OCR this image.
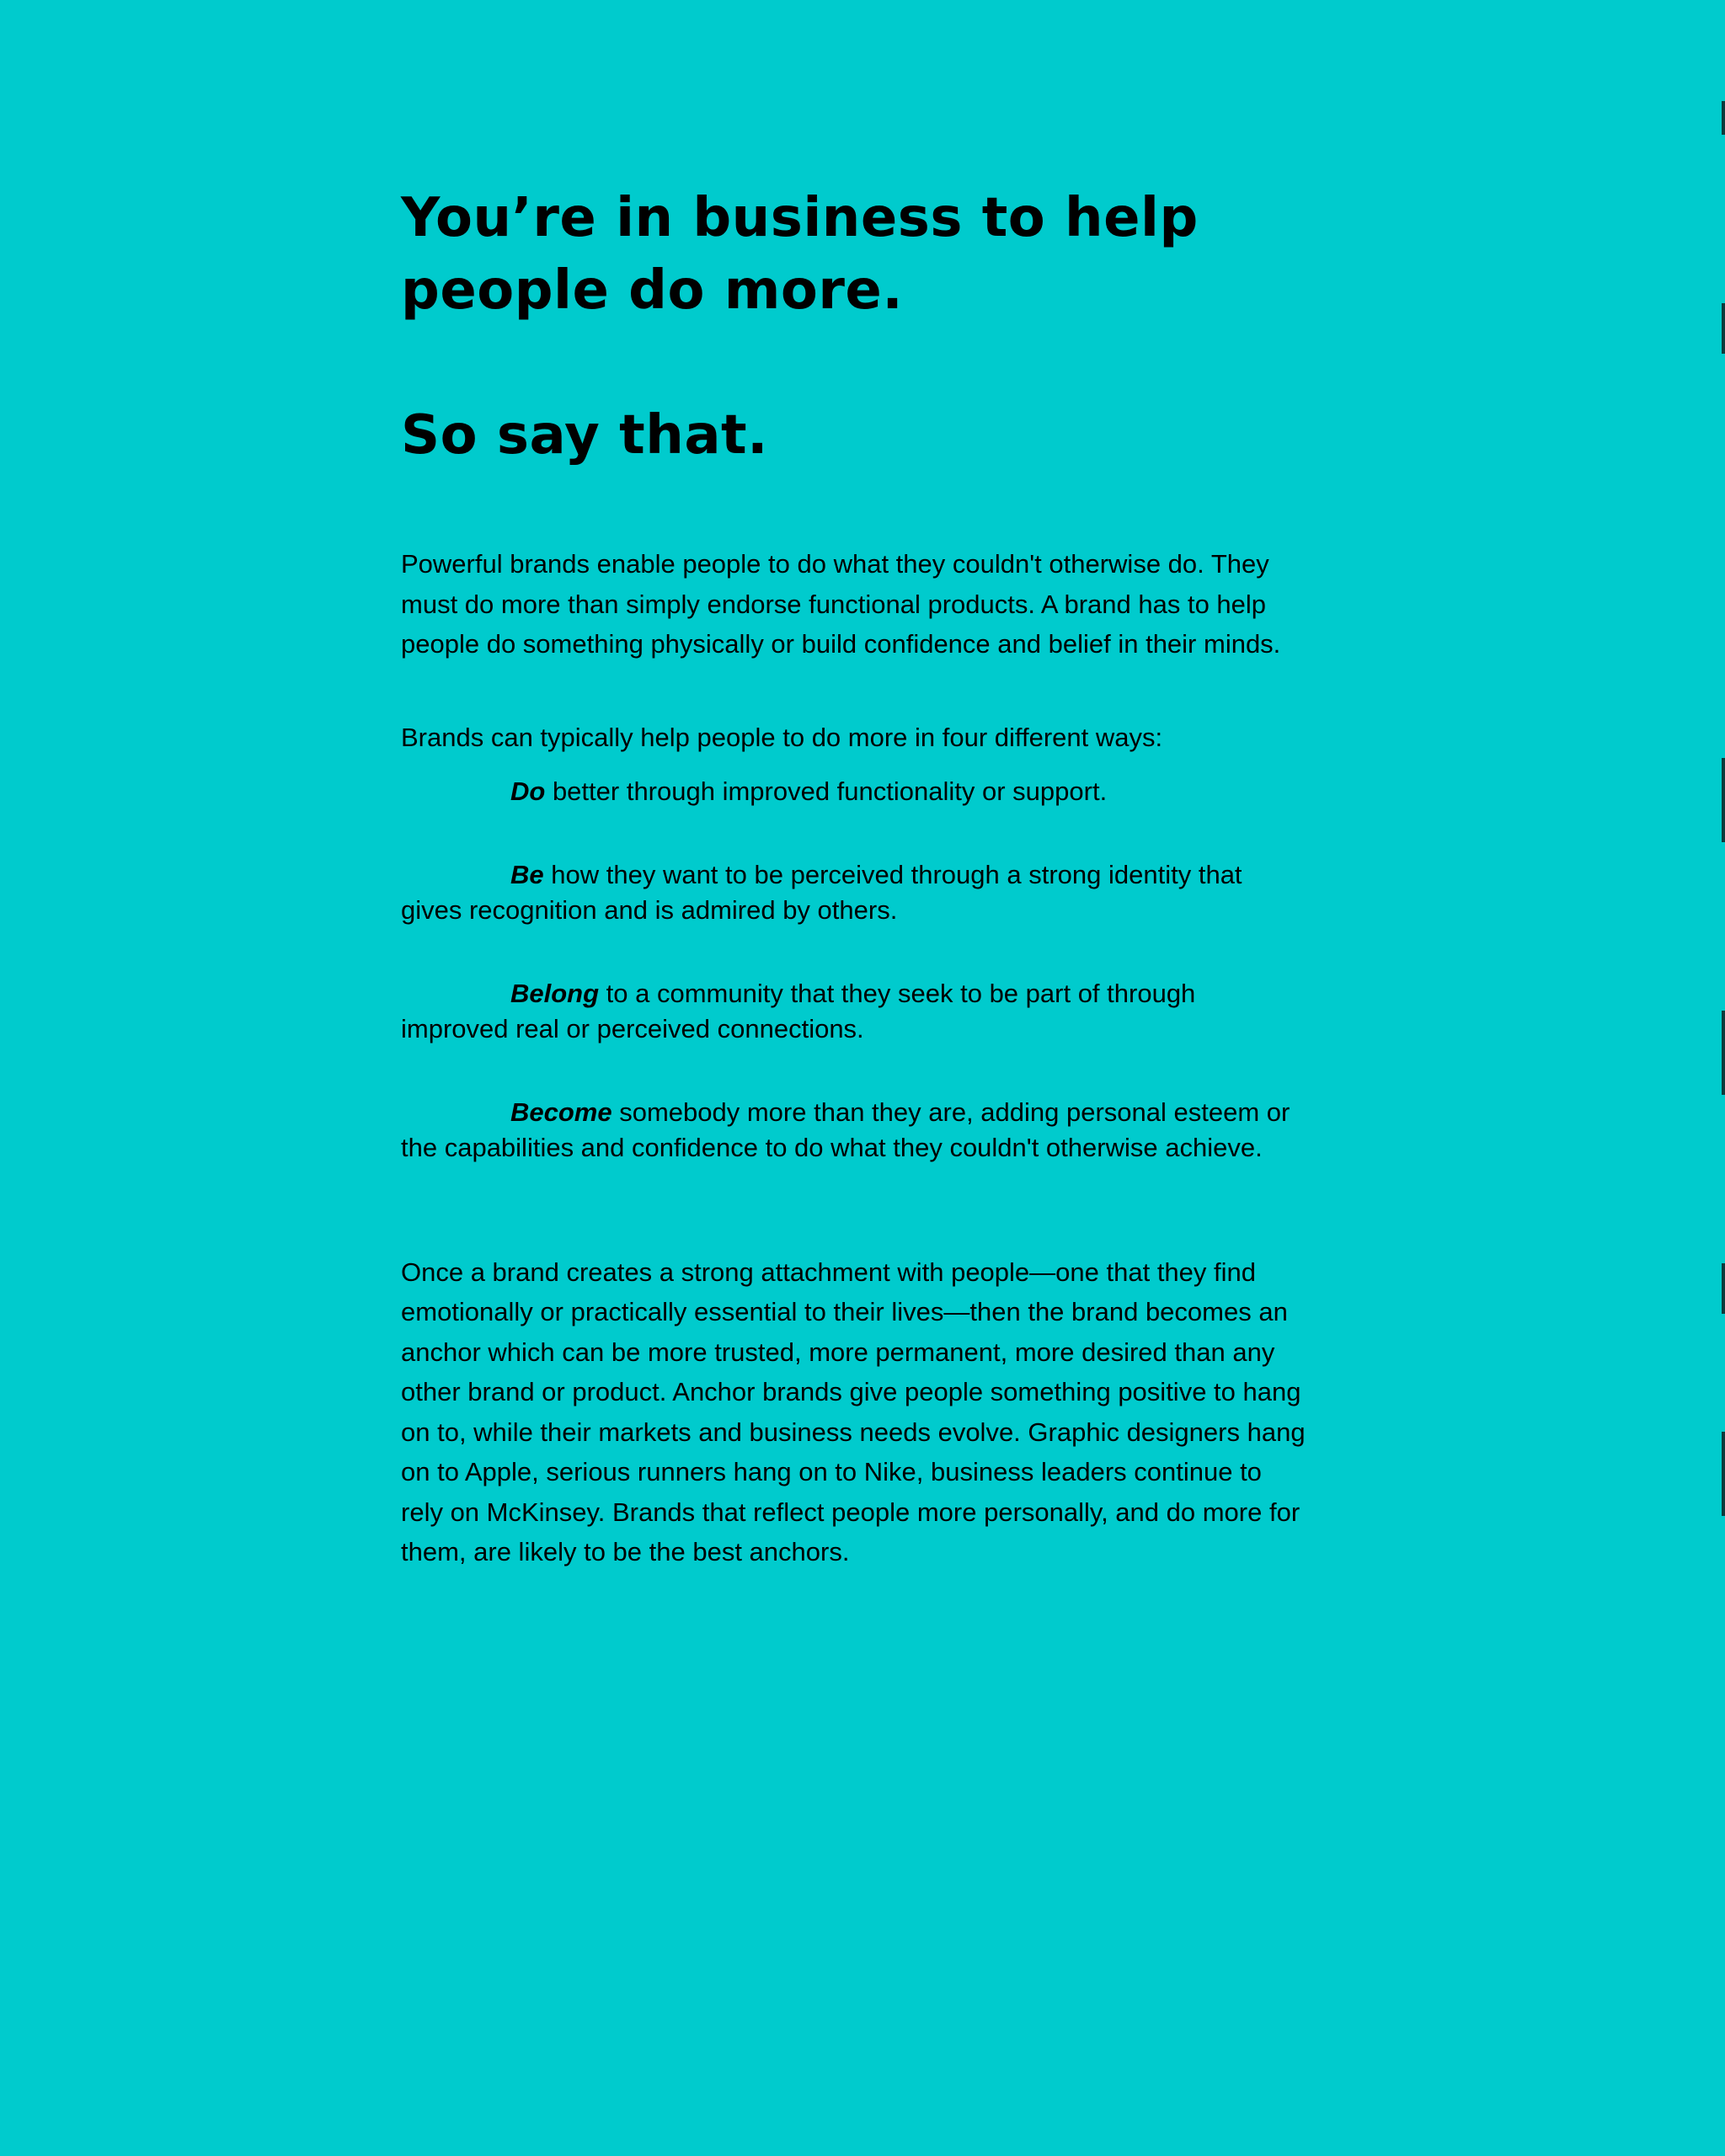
You’re in business to help
people do more.
So say that.

Powerful brands enable people to do what they couldn't otherwise do. They must do more than simply endorse functional products. A brand has to help people do something physically or build confidence and belief in their minds.

Brands can typically help people to do more in four different ways:

Do better through improved functionality or support.

Be how they want to be perceived through a strong identity that gives recognition and is admired by others.

Belong to a community that they seek to be part of through improved real or perceived connections.

Become somebody more than they are, adding personal esteem or the capabilities and confidence to do what they couldn't otherwise achieve.

Once a brand creates a strong attachment with people—one that they find emotionally or practically essential to their lives—then the brand becomes an anchor which can be more trusted, more permanent, more desired than any other brand or product. Anchor brands give people something positive to hang on to, while their markets and business needs evolve. Graphic designers hang on to Apple, serious runners hang on to Nike, business leaders continue to rely on McKinsey. Brands that reflect people more personally, and do more for them, are likely to be the best anchors.
